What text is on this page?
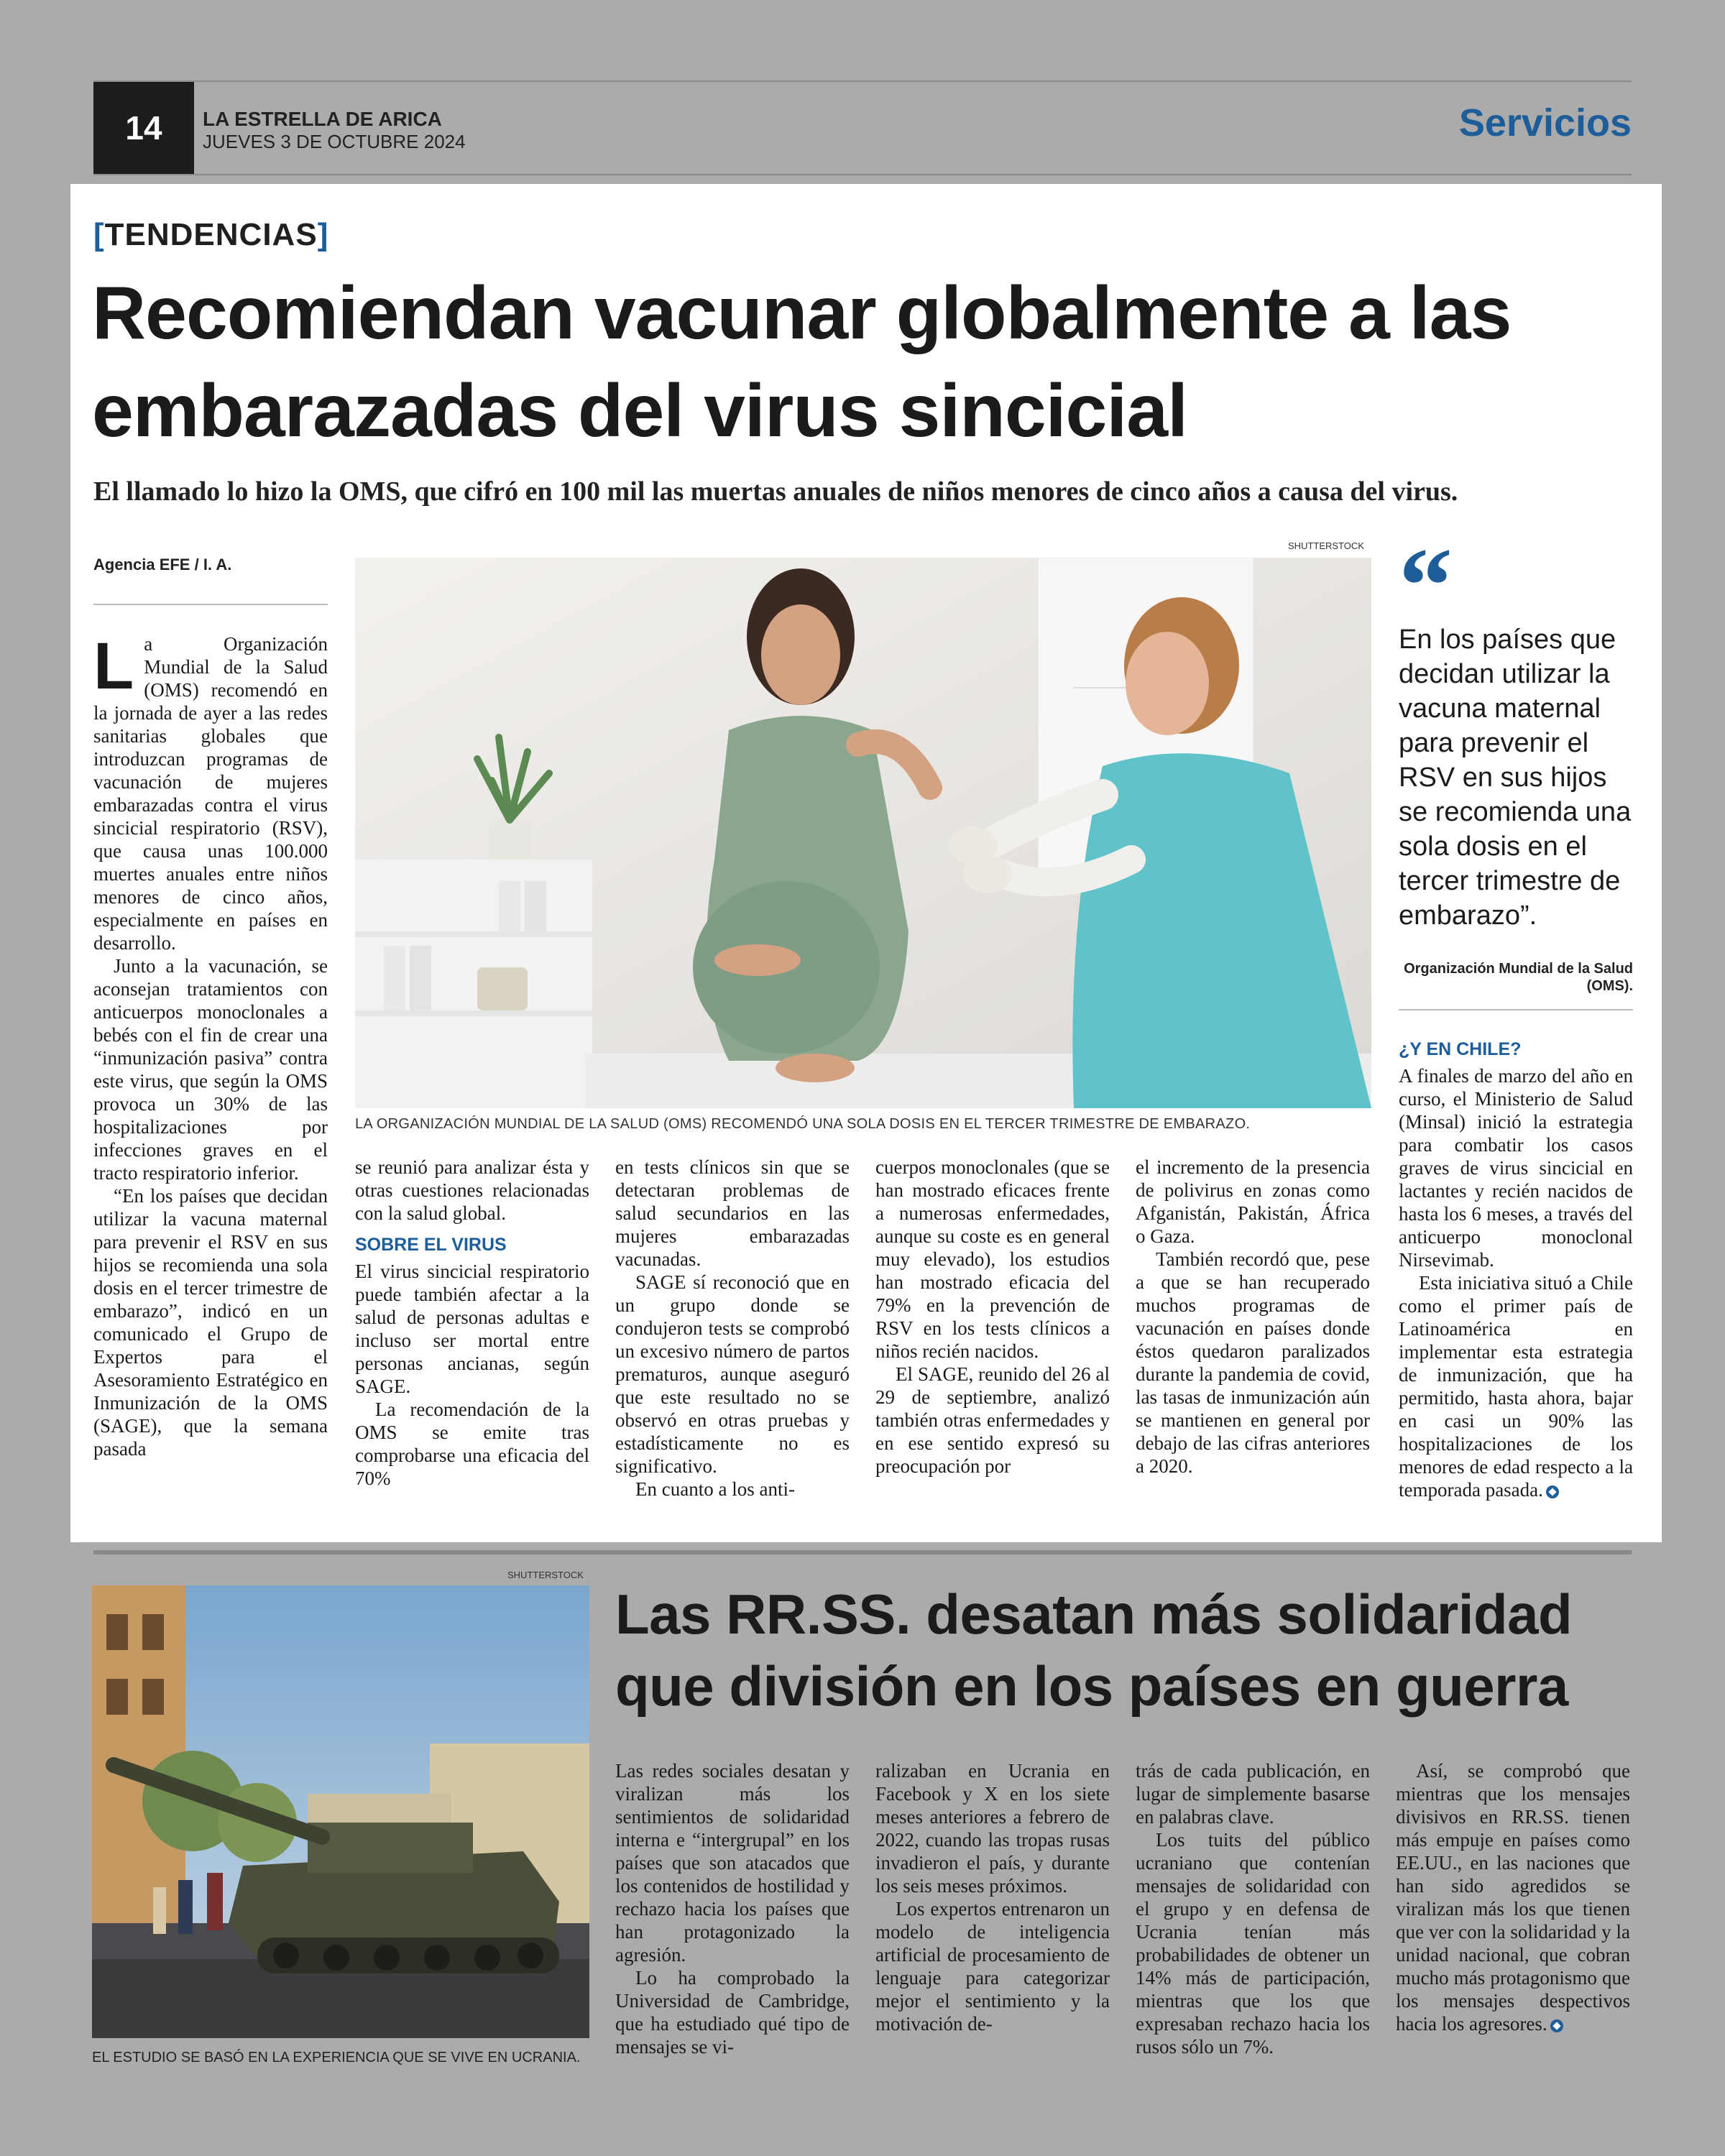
14	LA ESTRELLA DE ARICA
JUEVES 3 DE OCTUBRE 2024	Servicios
[TENDENCIAS]
Recomiendan vacunar globalmente a las embarazadas del virus sincicial
El llamado lo hizo la OMS, que cifró en 100 mil las muertas anuales de niños menores de cinco años a causa del virus.
Agencia EFE / I. A.

La Organización Mundial de la Salud (OMS) recomendó en la jornada de ayer a las redes sanitarias globales que introduzcan programas de vacunación de mujeres embarazadas contra el virus sincicial respiratorio (RSV), que causa unas 100.000 muertes anuales entre niños menores de cinco años, especialmente en países en desarrollo.

Junto a la vacunación, se aconsejan tratamientos con anticuerpos monoclonales a bebés con el fin de crear una “inmunización pasiva” contra este virus, que según la OMS provoca un 30% de las hospitalizaciones por infecciones graves en el tracto respiratorio inferior.

“En los países que decidan utilizar la vacuna maternal para prevenir el RSV en sus hijos se recomienda una sola dosis en el tercer trimestre de embarazo”, indicó en un comunicado el Grupo de Expertos para el Asesoramiento Estratégico en Inmunización de la OMS (SAGE), que la semana pasada

SHUTTERSTOCK
LA ORGANIZACIÓN MUNDIAL DE LA SALUD (OMS) RECOMENDÓ UNA SOLA DOSIS EN EL TERCER TRIMESTRE DE EMBARAZO.

se reunió para analizar ésta y otras cuestiones relacionadas con la salud global.

SOBRE EL VIRUS

El virus sincicial respiratorio puede también afectar a la salud de personas adultas e incluso ser mortal entre personas ancianas, según SAGE.

La recomendación de la OMS se emite tras comprobarse una eficacia del 70%

en tests clínicos sin que se detectaran problemas de salud secundarios en las mujeres embarazadas vacunadas.

SAGE sí reconoció que en un grupo donde se condujeron tests se comprobó un excesivo número de partos prematuros, aunque aseguró que este resultado no se observó en otras pruebas y estadísticamente no es significativo.

En cuanto a los anti-

cuerpos monoclonales (que se han mostrado eficaces frente a numerosas enfermedades, aunque su coste es en general muy elevado), los estudios han mostrado eficacia del 79% en la prevención de RSV en los tests clínicos a niños recién nacidos.

El SAGE, reunido del 26 al 29 de septiembre, analizó también otras enfermedades y en ese sentido expresó su preocupación por

el incremento de la presencia de polivirus en zonas como Afganistán, Pakistán, África o Gaza.

También recordó que, pese a que se han recuperado muchos programas de vacunación en países donde éstos quedaron paralizados durante la pandemia de covid, las tasas de inmunización aún se mantienen en general por debajo de las cifras anteriores a 2020.

“
En los países que decidan utilizar la vacuna maternal para prevenir el RSV en sus hijos se recomienda una sola dosis en el tercer trimestre de embarazo”.
Organización Mundial de la Salud (OMS).
¿Y EN CHILE?

A finales de marzo del año en curso, el Ministerio de Salud (Minsal) inició la estrategia para combatir los casos graves de virus sincicial en lactantes y recién nacidos de hasta los 6 meses, a través del anticuerpo monoclonal Nirsevimab.

Esta iniciativa situó a Chile como el primer país de Latinoamérica en implementar esta estrategia de inmunización, que ha permitido, hasta ahora, bajar en casi un 90% las hospitalizaciones de los menores de edad respecto a la temporada pasada.

SHUTTERSTOCK
EL ESTUDIO SE BASÓ EN LA EXPERIENCIA QUE SE VIVE EN UCRANIA.
Las RR.SS. desatan más solidaridad que división en los países en guerra

Las redes sociales desatan y viralizan más los sentimientos de solidaridad interna e “intergrupal” en los países que son atacados que los contenidos de hostilidad y rechazo hacia los países que han protagonizado la agresión.

Lo ha comprobado la Universidad de Cambridge, que ha estudiado qué tipo de mensajes se vi-

ralizaban en Ucrania en Facebook y X en los siete meses anteriores a febrero de 2022, cuando las tropas rusas invadieron el país, y durante los seis meses próximos.

Los expertos entrenaron un modelo de inteligencia artificial de procesamiento de lenguaje para categorizar mejor el sentimiento y la motivación de-

trás de cada publicación, en lugar de simplemente basarse en palabras clave.

Los tuits del público ucraniano que contenían mensajes de solidaridad con el grupo y en defensa de Ucrania tenían más probabilidades de obtener un 14% más de participación, mientras que los que expresaban rechazo hacia los rusos sólo un 7%.

Así, se comprobó que mientras que los mensajes divisivos en RR.SS. tienen más empuje en países como EE.UU., en las naciones que han sido agredidos se viralizan más los que tienen que ver con la solidaridad y la unidad nacional, que cobran mucho más protagonismo que los mensajes despectivos hacia los agresores.
